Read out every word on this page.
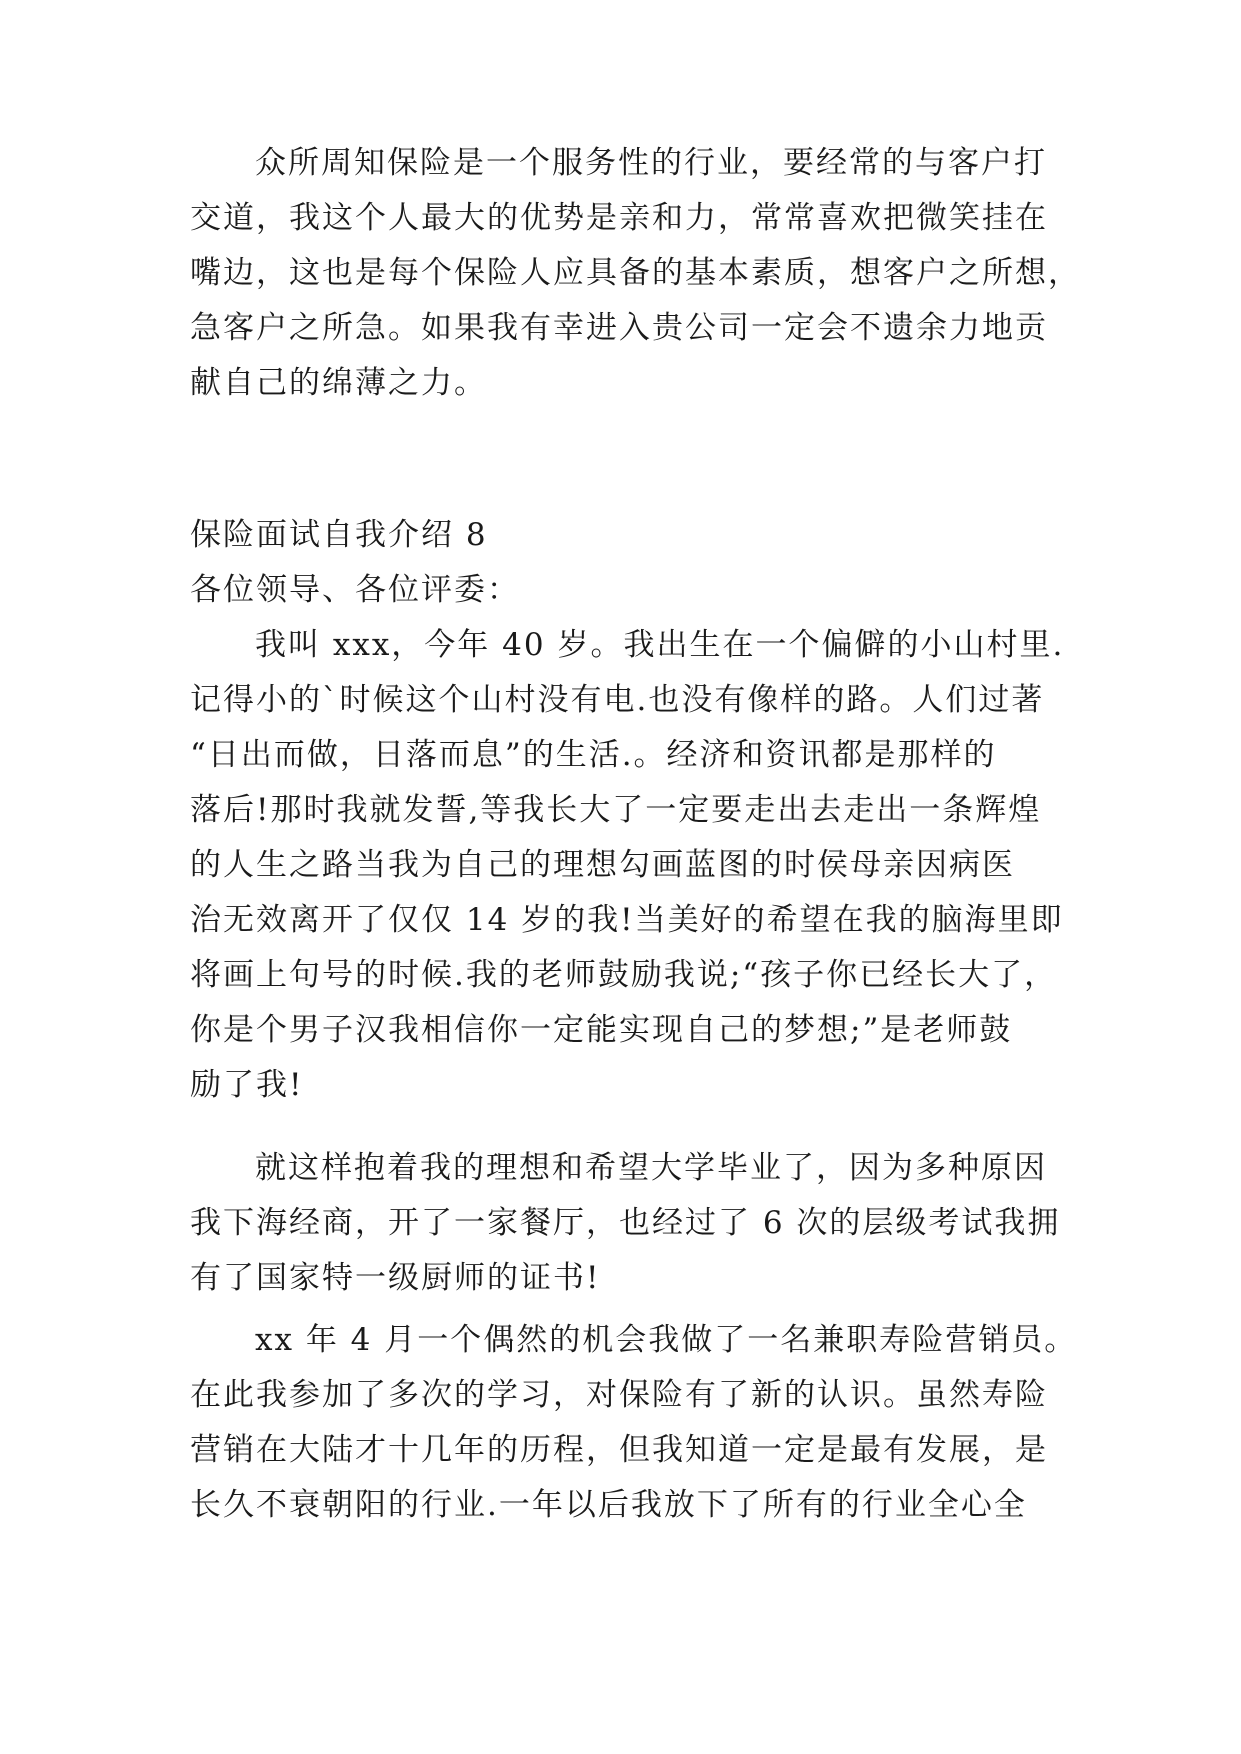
众所周知保险是一个服务性的行业，要经常的与客户打
交道，我这个人最大的优势是亲和力，常常喜欢把微笑挂在
嘴边，这也是每个保险人应具备的基本素质，想客户之所想，
急客户之所急。如果我有幸进入贵公司一定会不遗余力地贡
献自己的绵薄之力。
保险面试自我介绍 8
各位领导、各位评委：
我叫 xxx，今年 40 岁。我出生在一个偏僻的小山村里.
记得小的`时候这个山村没有电.也没有像样的路。人们过著
“日出而做，日落而息”的生活.。经济和资讯都是那样的
落后!那时我就发誓,等我长大了一定要走出去走出一条辉煌
的人生之路当我为自己的理想勾画蓝图的时侯母亲因病医
治无效离开了仅仅 14 岁的我!当美好的希望在我的脑海里即
将画上句号的时候.我的老师鼓励我说;“孩子你已经长大了，
你是个男子汉我相信你一定能实现自己的梦想;”是老师鼓
励了我!
就这样抱着我的理想和希望大学毕业了，因为多种原因
我下海经商，开了一家餐厅，也经过了 6 次的层级考试我拥
有了国家特一级厨师的证书!
xx 年 4 月一个偶然的机会我做了一名兼职寿险营销员。
在此我参加了多次的学习，对保险有了新的认识。虽然寿险
营销在大陆才十几年的历程，但我知道一定是最有发展，是
长久不衰朝阳的行业.一年以后我放下了所有的行业全心全
